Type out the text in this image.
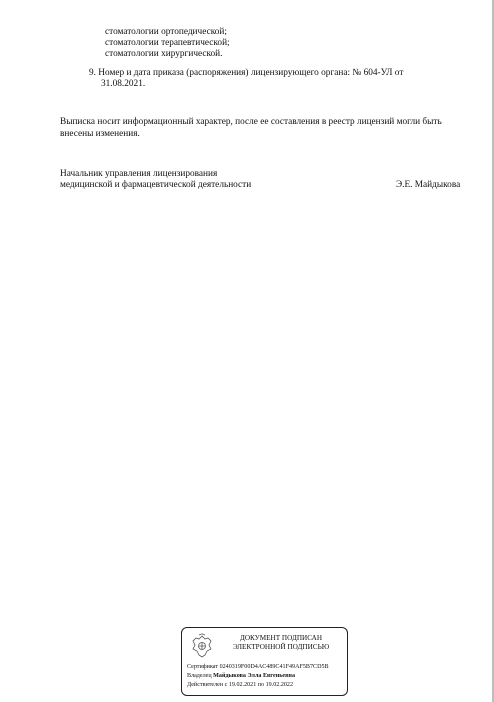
стоматологии ортопедической;
стоматологии терапевтической;
стоматологии хирургической.
9. Номер и дата приказа (распоряжения) лицензирующего органа: № 604-УЛ от
31.08.2021.
Выписка носит информационный характер, после ее составления в реестр лицензий могли быть
внесены изменения.
Начальник управления лицензирования
медицинской и фармацевтической деятельности	Э.Е. Майдыкова
ДОКУМЕНТ ПОДПИСАН
ЭЛЕКТРОННОЙ ПОДПИСЬЮ
Сертификат 0240319F00D4AC489C41F49AF5B7CD5B
Владелец Майдыкова Элла Евгеньевна
Действителен с 19.02.2021 по 19.02.2022
